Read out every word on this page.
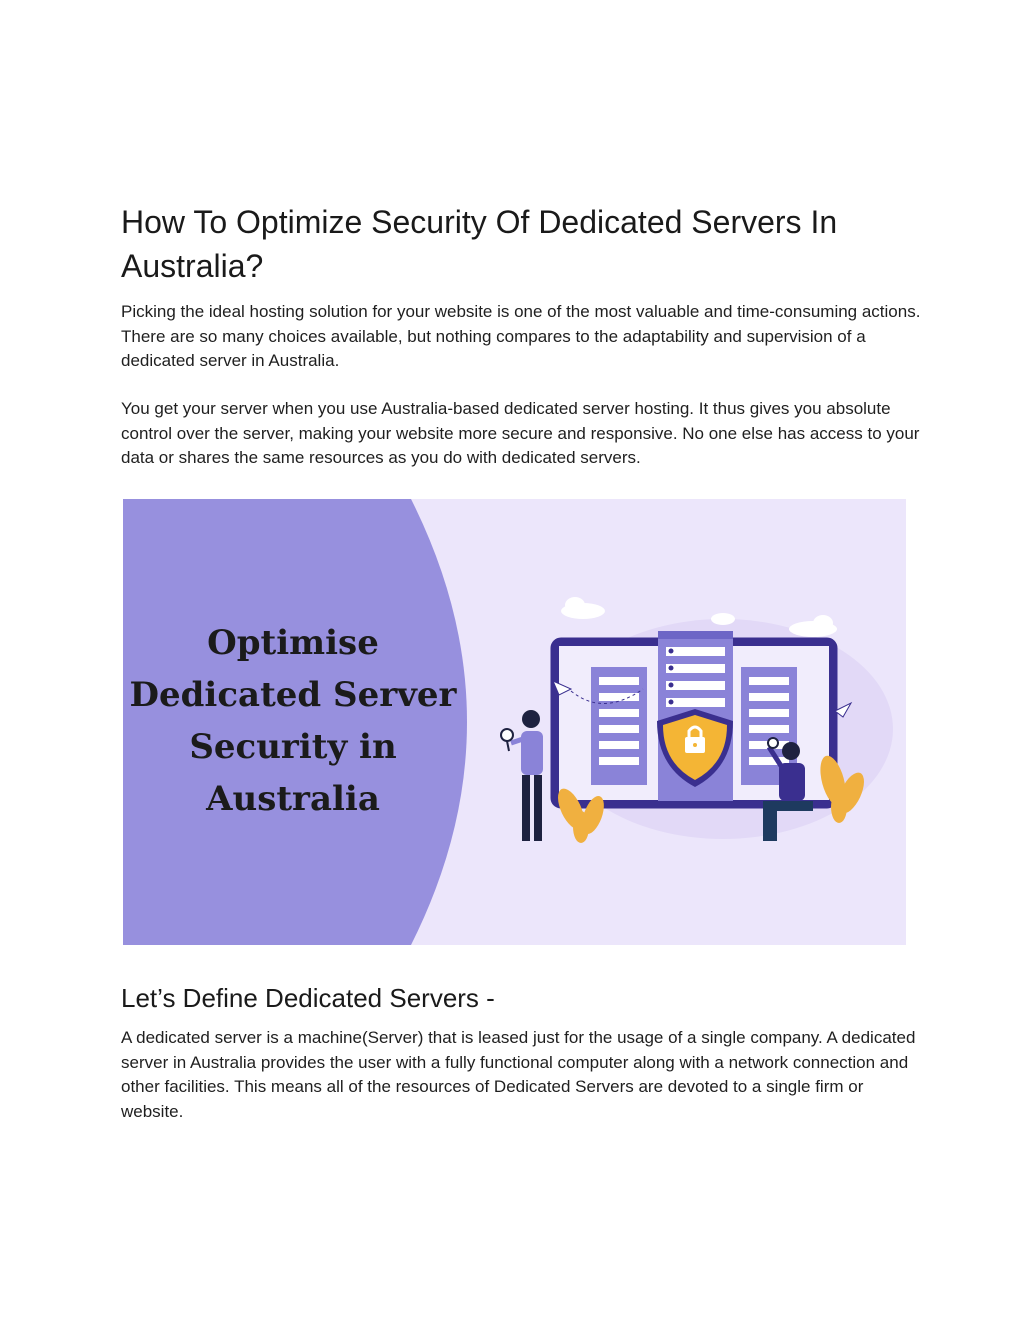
How To Optimize Security Of Dedicated Servers In Australia?

Picking the ideal hosting solution for your website is one of the most valuable and time-consuming actions. There are so many choices available, but nothing compares to the adaptability and supervision of a dedicated server in Australia.

You get your server when you use Australia-based dedicated server hosting. It thus gives you absolute control over the server, making your website more secure and responsive. No one else has access to your data or shares the same resources as you do with dedicated servers.

Optimise
Dedicated Server
Security in
Australia
Let’s Define Dedicated Servers -

A dedicated server is a machine(Server) that is leased just for the usage of a single company. A dedicated server in Australia provides the user with a fully functional computer along with a network connection and other facilities. This means all of the resources of Dedicated Servers are devoted to a single firm or website.
